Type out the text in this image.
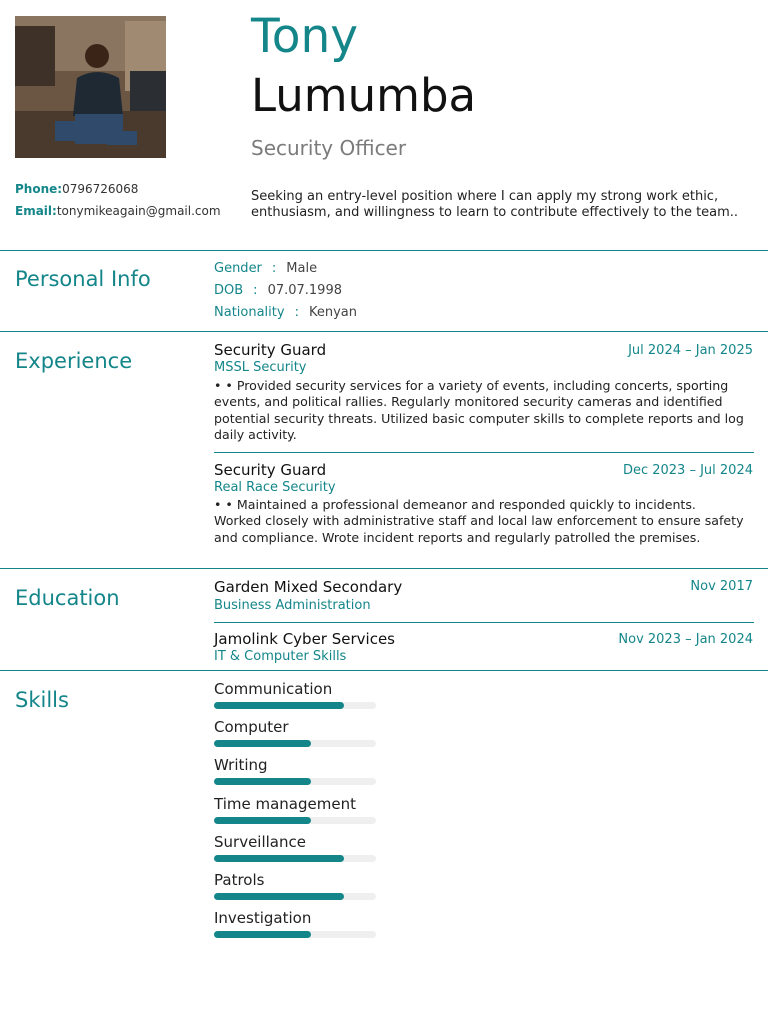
Tony
Lumumba
Security Officer
Phone:0796726068
Email:tonymikeagain@gmail.com
Seeking an entry-level position where I can apply my strong work ethic, enthusiasm, and willingness to learn to contribute effectively to the team..
Personal Info	Gender : Male
DOB : 07.07.1998
Nationality : Kenyan
Experience	Security Guard	Jul 2024 – Jan 2025
MSSL Security
• • Provided security services for a variety of events, including concerts, sporting events, and political rallies. Regularly monitored security cameras and identified potential security threats. Utilized basic computer skills to complete reports and log daily activity.
Security Guard	Dec 2023 – Jul 2024
Real Race Security
• • Maintained a professional demeanor and responded quickly to incidents. Worked closely with administrative staff and local law enforcement to ensure safety and compliance. Wrote incident reports and regularly patrolled the premises.
Education	Garden Mixed Secondary	Nov 2017
Business Administration
Jamolink Cyber Services	Nov 2023 – Jan 2024
IT & Computer Skills
Skills	Communication
Computer
Writing
Time management
Surveillance
Patrols
Investigation
